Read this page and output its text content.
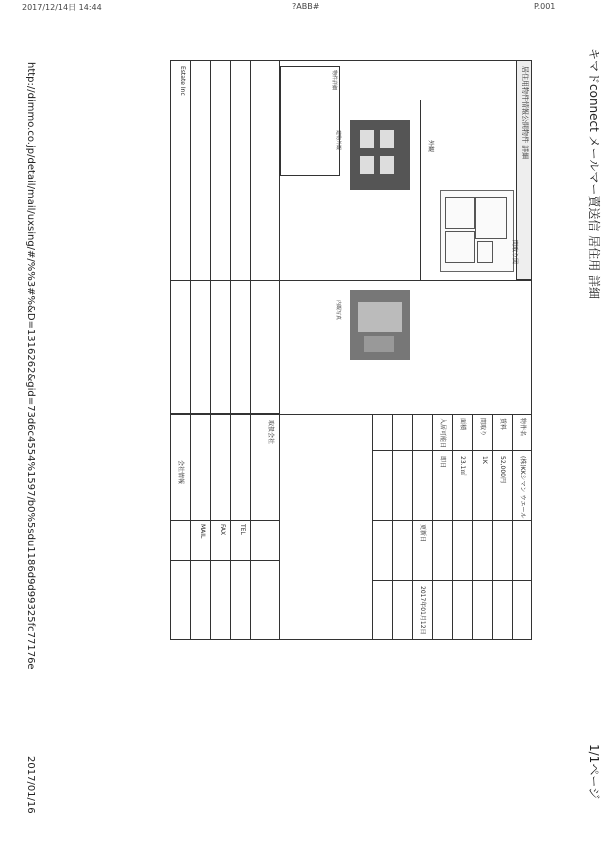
2017/12/14日 14:44	?ABB#	P.001
キマドconnect メールマー賣送信 居住用 詳細
1/1ページ
http://dimmo.co.jp/detail/mail/uxsing/#/%%3#%&D=1316262&gid=73d6c4554%1597/b0%5sdu1186d9d99325fc77176e
2017/01/16
居住用物件情報公開物件 詳細
間取り図
外観
建物外観
内観写真
物件詳細
物件名
(株)KKシマン ウエール
賃料
52,000円
間取り
1K
面積
23.1㎡
入居可能日
即日
更新日
2017年01月12日
取扱会社
TEL
FAX
MAIL
Estate Inc
会社情報
